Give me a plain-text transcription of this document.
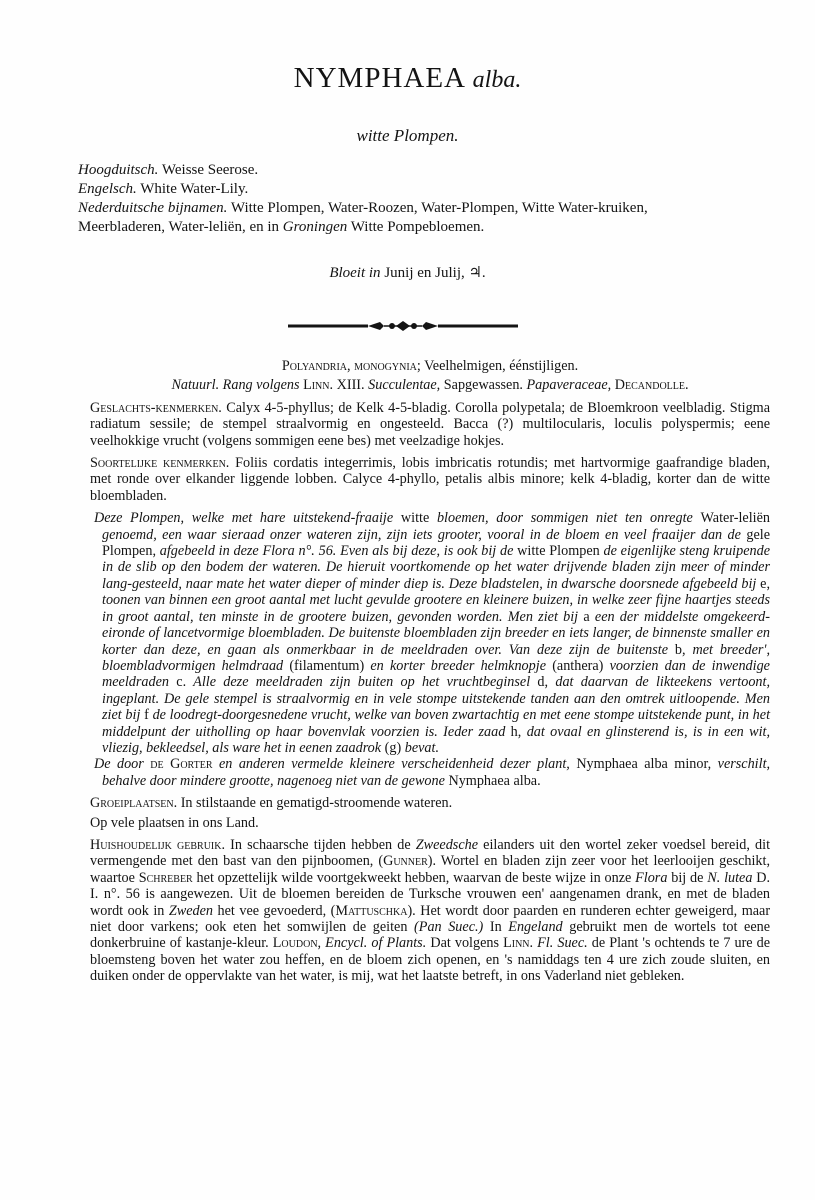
NYMPHAEA alba.
witte Plompen.

Hoogduitsch. Weisse Seerose.

Engelsch. White Water-Lily.

Nederduitsche bijnamen. Witte Plompen, Water-Roozen, Water-Plompen, Witte Water-kruiken,

Meerbladeren, Water-leliën, en in Groningen Witte Pompebloemen.

Bloeit in Junij en Julij, ♃.

Polyandria, monogynia; Veelhelmigen, éénstijligen.

Natuurl. Rang volgens Linn. XIII. Succulentae, Sapgewassen. Papaveraceae, Decandolle.

Geslachts-kenmerken. Calyx 4-5-phyllus; de Kelk 4-5-bladig. Corolla polypetala; de Bloemkroon veelbladig. Stigma radiatum sessile; de stempel straalvormig en ongesteeld. Bacca (?) multilocularis, loculis polyspermis; eene veelhokkige vrucht (volgens sommigen eene bes) met veelzadige hokjes.

Soortelijke kenmerken. Foliis cordatis integerrimis, lobis imbricatis rotundis; met hartvormige gaafrandige bladen, met ronde over elkander liggende lobben. Calyce 4-phyllo, petalis albis minore; kelk 4-bladig, korter dan de witte bloembladen.

Deze Plompen, welke met hare uitstekend-fraaije witte bloemen, door sommigen niet ten onregte Water-leliën genoemd, een waar sieraad onzer wateren zijn, zijn iets grooter, vooral in de bloem en veel fraaijer dan de gele Plompen, afgebeeld in deze Flora n°. 56. Even als bij deze, is ook bij de witte Plompen de eigenlijke steng kruipende in de slib op den bodem der wateren. De hieruit voortkomende op het water drijvende bladen zijn meer of minder lang-gesteeld, naar mate het water dieper of minder diep is. Deze bladstelen, in dwarsche doorsnede afgebeeld bij e, toonen van binnen een groot aantal met lucht gevulde grootere en kleinere buizen, in welke zeer fijne haartjes steeds in groot aantal, ten minste in de grootere buizen, gevonden worden. Men ziet bij a een der middelste omgekeerd-eironde of lancetvormige bloembladen. De buitenste bloembladen zijn breeder en iets langer, de binnenste smaller en korter dan deze, en gaan als onmerkbaar in de meeldraden over. Van deze zijn de buitenste b, met breeder', bloembladvormigen helmdraad (filamentum) en korter breeder helmknopje (anthera) voorzien dan de inwendige meeldraden c. Alle deze meeldraden zijn buiten op het vruchtbeginsel d, dat daarvan de likteekens vertoont, ingeplant. De gele stempel is straalvormig en in vele stompe uitstekende tanden aan den omtrek uitloopende. Men ziet bij f de loodregt-doorgesnedene vrucht, welke van boven zwartachtig en met eene stompe uitstekende punt, in het middelpunt der uitholling op haar bovenvlak voorzien is. Ieder zaad h, dat ovaal en glinsterend is, is in een wit, vliezig, bekleedsel, als ware het in eenen zaadrok (g) bevat.

De door de Gorter en anderen vermelde kleinere verscheidenheid dezer plant, Nymphaea alba minor, verschilt, behalve door mindere grootte, nagenoeg niet van de gewone Nymphaea alba.

Groeiplaatsen. In stilstaande en gematigd-stroomende wateren.

Op vele plaatsen in ons Land.

Huishoudelijk gebruik. In schaarsche tijden hebben de Zweedsche eilanders uit den wortel zeker voedsel bereid, dit vermengende met den bast van den pijnboomen, (Gunner). Wortel en bladen zijn zeer voor het leerlooijen geschikt, waartoe Schreber het opzettelijk wilde voortgekweekt hebben, waarvan de beste wijze in onze Flora bij de N. lutea D. I. n°. 56 is aangewezen. Uit de bloemen bereiden de Turksche vrouwen een' aangenamen drank, en met de bladen wordt ook in Zweden het vee gevoederd, (Mattuschka). Het wordt door paarden en runderen echter geweigerd, maar niet door varkens; ook eten het somwijlen de geiten (Pan Suec.) In Engeland gebruikt men de wortels tot eene donkerbruine of kastanje-kleur. Loudon, Encycl. of Plants. Dat volgens Linn. Fl. Suec. de Plant 's ochtends te 7 ure de bloemsteng boven het water zou heffen, en de bloem zich openen, en 's namiddags ten 4 ure zich zoude sluiten, en duiken onder de oppervlakte van het water, is mij, wat het laatste betreft, in ons Vaderland niet gebleken.
